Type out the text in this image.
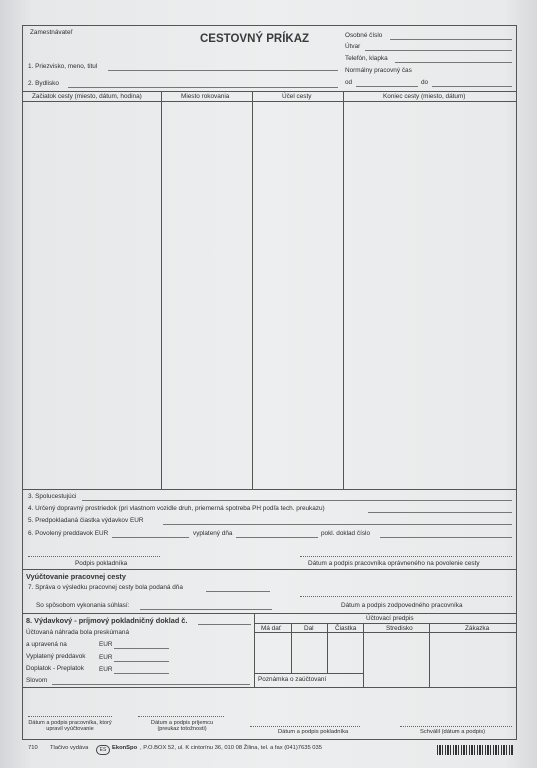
Zamestnávateľ
CESTOVNÝ PRÍKAZ	Osobné číslo
Útvar
Telefón, klapka
Normálny pracovný čas
od	do
1. Priezvisko, meno, titul
2. Bydlisko
Začiatok cesty (miesto, dátum, hodina)	Miesto rokovania	Účel cesty	Koniec cesty (miesto, dátum)
3. Spolucestujúci
4. Určený dopravný prostriedok (pri vlastnom vozidle druh, priemerná spotreba PH podľa tech. preukazu)
5. Predpokladaná čiastka výdavkov EUR
6. Povolený preddavok EUR	vyplatený dňa	pokl. doklad číslo
Podpis pokladníka	Dátum a podpis pracovníka oprávneného na povolenie cesty
Vyúčtovanie pracovnej cesty
7. Správa o výsledku pracovnej cesty bola podaná dňa
So spôsobom vykonania súhlasí:	Dátum a podpis zodpovedného pracovníka
8. Výdavkový - príjmový pokladničný doklad č.
Účtovaná náhrada bola preskúmaná
a upravená na	EUR
Vyplatený preddavok EUR
Doplatok - Preplatok EUR
Slovom
Účtovací predpis
Má dať	Dal	Čiastka	Stredisko	Zákazka
Poznámka o zaúčtovaní
Dátum a podpis pracovníka, ktorý upravil vyúčtovanie
Dátum a podpis príjemcu (preukaz totožnosti)	Dátum a podpis pokladníka	Schválil (dátum a podpis)
710 Tlačivo vydáva	ES EkonSpo , P.O.BOX 52, ul. K cintorínu 36, 010 08 Žilina, tel. a fax (041)7635 035
